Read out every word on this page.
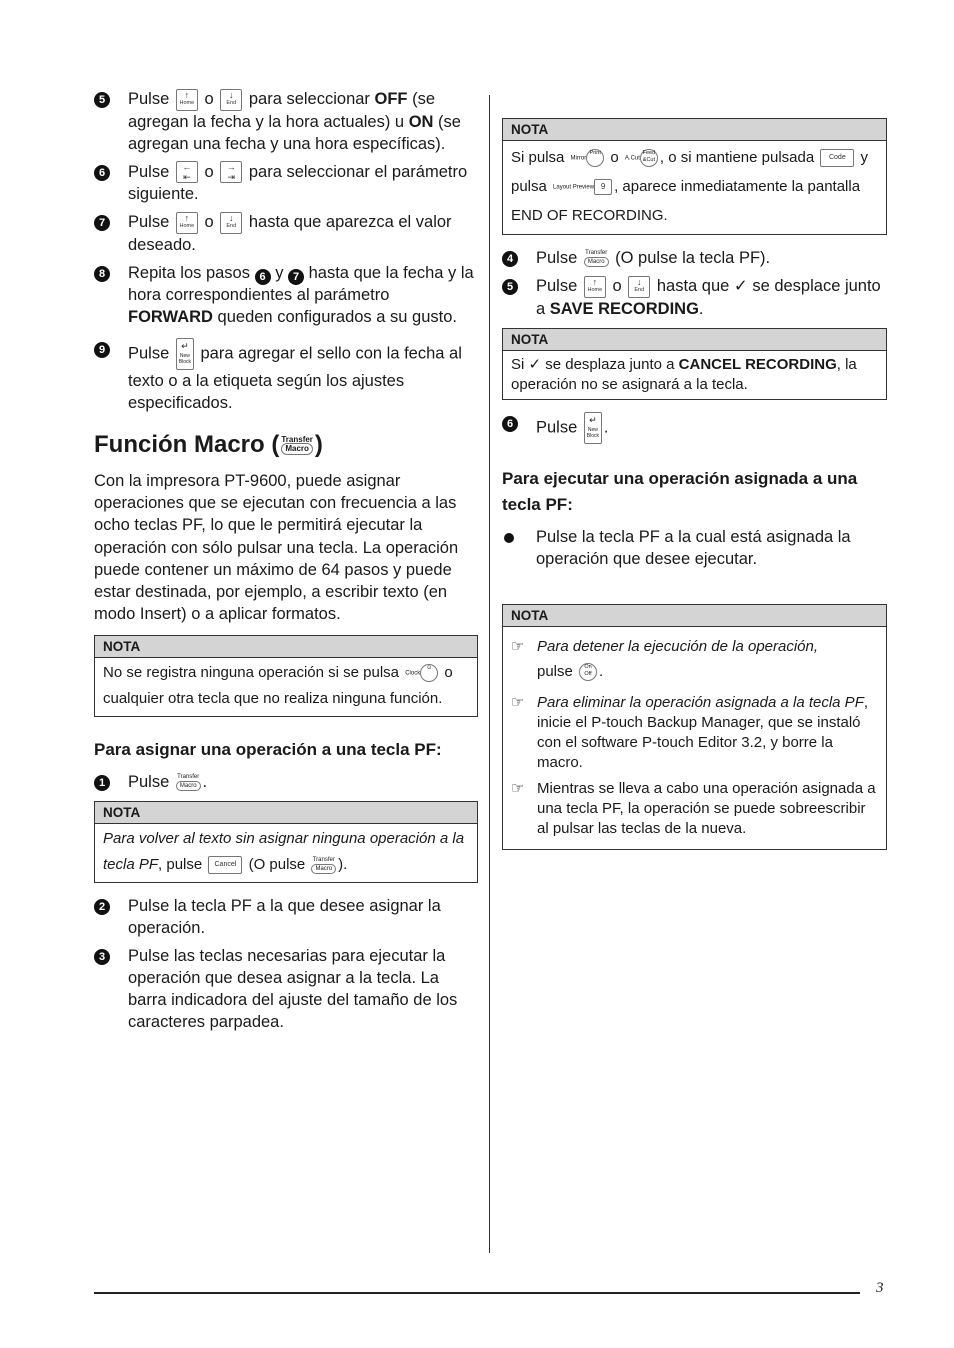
5 Pulse	↑
Home o	↓
End para seleccionar OFF (se agregan la fecha y la hora actuales) u ON (se agregan una fecha y una hora específicas).
6 Pulse	←
⇤ o	→
⇥ para seleccionar el parámetro siguiente.
7 Pulse	↑
Home o	↓
End hasta que aparezca el valor deseado.
8 Repita los pasos 6 y 7 hasta que la fecha y la hora correspondientes al parámetro FORWARD queden configurados a su gusto.
9 Pulse	↵
New Block para agregar el sello con la fecha al texto o a la etiqueta según los ajustes especificados.
Función Macro ( Transfer
Macro )

Con la impresora PT-9600, puede asignar operaciones que se ejecutan con frecuencia a las ocho teclas PF, lo que le permitirá ejecutar la operación con sólo pulsar una tecla. La operación puede contener un máximo de 64 pasos y puede estar destinada, por ejemplo, a escribir texto (en modo Insert) o a aplicar formatos.

NOTA
No se registra ninguna operación si se pulsa Clock⊙ o cualquier otra tecla que no realiza ninguna función.
Para asignar una operación a una tecla PF:
1 Pulse Transfer
Macro .
NOTA
Para volver al texto sin asignar ninguna operación a la tecla PF, pulse Cancel (O pulse Transfer
Macro ).
2 Pulse la tecla PF a la que desee asignar la operación.
3 Pulse las teclas necesarias para ejecutar la operación que desea asignar a la tecla. La barra indicadora del ajuste del tamaño de los caracteres parpadea.
NOTA
Si pulsa MirrorPrint o A.CutFeed &Cut , o si mantiene pulsada Code y pulsa Layout Preview 9 , aparece inmediatamente la pantalla END OF RECORDING.
4 Pulse Transfer
Macro (O pulse la tecla PF).
5 Pulse	↑
Home o	↓
End hasta que ✓ se desplace junto a SAVE RECORDING.
NOTA
Si ✓ se desplaza junto a CANCEL RECORDING, la operación no se asignará a la tecla.
6 Pulse	↵
New Block .
Para ejecutar una operación asignada a una tecla PF:
Pulse la tecla PF a la cual está asignada la operación que desee ejecutar.
NOTA
☞ Para detener la ejecución de la operación,
pulse On
Off .
☞ Para eliminar la operación asignada a la tecla PF, inicie el P-touch Backup Manager, que se instaló con el software P-touch Editor 3.2, y borre la macro.
☞ Mientras se lleva a cabo una operación asignada a una tecla PF, la operación se puede sobreescribir al pulsar las teclas de la nueva.
3
